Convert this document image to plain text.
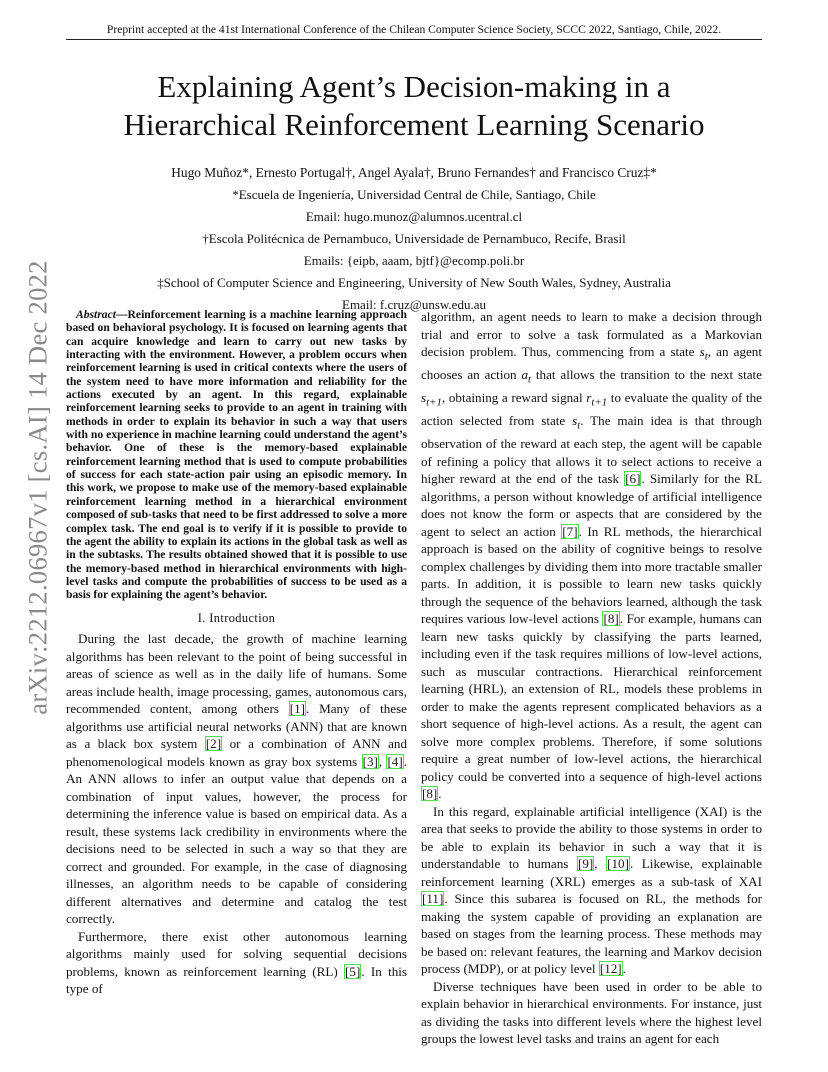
Preprint accepted at the 41st International Conference of the Chilean Computer Science Society, SCCC 2022, Santiago, Chile, 2022.
Explaining Agent’s Decision-making in a
Hierarchical Reinforcement Learning Scenario
Hugo Muñoz*, Ernesto Portugal†, Angel Ayala†, Bruno Fernandes† and Francisco Cruz‡*
*Escuela de Ingeniería, Universidad Central de Chile, Santiago, Chile
Email: hugo.munoz@alumnos.ucentral.cl
†Escola Politécnica de Pernambuco, Universidade de Pernambuco, Recife, Brasil
Emails: {eipb, aaam, bjtf}@ecomp.poli.br
‡School of Computer Science and Engineering, University of New South Wales, Sydney, Australia
Email: f.cruz@unsw.edu.au
arXiv:2212.06967v1 [cs.AI] 14 Dec 2022	Abstract—Reinforcement learning is a machine learning approach based on behavioral psychology. It is focused on learning agents that can acquire knowledge and learn to carry out new tasks by interacting with the environment. However, a problem occurs when reinforcement learning is used in critical contexts where the users of the system need to have more information and reliability for the actions executed by an agent. In this regard, explainable reinforcement learning seeks to provide to an agent in training with methods in order to explain its behavior in such a way that users with no experience in machine learning could understand the agent’s behavior. One of these is the memory-based explainable reinforcement learning method that is used to compute probabilities of success for each state-action pair using an episodic memory. In this work, we propose to make use of the memory-based explainable reinforcement learning method in a hierarchical environment composed of sub-tasks that need to be first addressed to solve a more complex task. The end goal is to verify if it is possible to provide to the agent the ability to explain its actions in the global task as well as in the subtasks. The results obtained showed that it is possible to use the memory-based method in hierarchical environments with high-level tasks and compute the probabilities of success to be used as a basis for explaining the agent’s behavior.

I. Introduction

During the last decade, the growth of machine learning algorithms has been relevant to the point of being successful in areas of science as well as in the daily life of humans. Some areas include health, image processing, games, autonomous cars, recommended content, among others [1]. Many of these algorithms use artificial neural networks (ANN) that are known as a black box system [2] or a combination of ANN and phenomenological models known as gray box systems [3], [4]. An ANN allows to infer an output value that depends on a combination of input values, however, the process for determining the inference value is based on empirical data. As a result, these systems lack credibility in environments where the decisions need to be selected in such a way so that they are correct and grounded. For example, in the case of diagnosing illnesses, an algorithm needs to be capable of considering different alternatives and determine and catalog the test correctly.

Furthermore, there exist other autonomous learning algorithms mainly used for solving sequential decisions problems, known as reinforcement learning (RL) [5]. In this type of

algorithm, an agent needs to learn to make a decision through trial and error to solve a task formulated as a Markovian decision problem. Thus, commencing from a state $s_t$, an agent chooses an action $a_t$ that allows the transition to the next state $s_{t+1}$, obtaining a reward signal $r_{t+1}$ to evaluate the quality of the action selected from state $s_t$. The main idea is that through observation of the reward at each step, the agent will be capable of refining a policy that allows it to select actions to receive a higher reward at the end of the task [6]. Similarly for the RL algorithms, a person without knowledge of artificial intelligence does not know the form or aspects that are considered by the agent to select an action [7]. In RL methods, the hierarchical approach is based on the ability of cognitive beings to resolve complex challenges by dividing them into more tractable smaller parts. In addition, it is possible to learn new tasks quickly through the sequence of the behaviors learned, although the task requires various low-level actions [8]. For example, humans can learn new tasks quickly by classifying the parts learned, including even if the task requires millions of low-level actions, such as muscular contractions. Hierarchical reinforcement learning (HRL), an extension of RL, models these problems in order to make the agents represent complicated behaviors as a short sequence of high-level actions. As a result, the agent can solve more complex problems. Therefore, if some solutions require a great number of low-level actions, the hierarchical policy could be converted into a sequence of high-level actions [8].

In this regard, explainable artificial intelligence (XAI) is the area that seeks to provide the ability to those systems in order to be able to explain its behavior in such a way that it is understandable to humans [9], [10]. Likewise, explainable reinforcement learning (XRL) emerges as a sub-task of XAI [11]. Since this subarea is focused on RL, the methods for making the system capable of providing an explanation are based on stages from the learning process. These methods may be based on: relevant features, the learning and Markov decision process (MDP), or at policy level [12].

Diverse techniques have been used in order to be able to explain behavior in hierarchical environments. For instance, just as dividing the tasks into different levels where the highest level groups the lowest level tasks and trains an agent for each
